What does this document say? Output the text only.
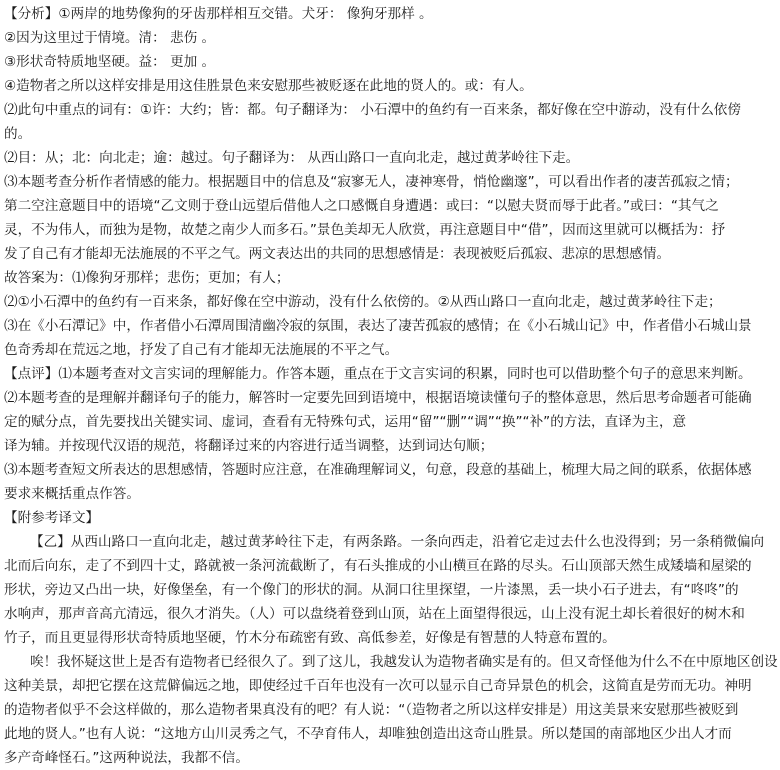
【分析】①两岸的地势像狗的牙齿那样相互交错。犬牙： 像狗牙那样 。
②因为这里过于情境。清： 悲伤 。
③形状奇特质地坚硬。益： 更加 。
④造物者之所以这样安排是用这佳胜景色来安慰那些被贬逐在此地的贤人的。或：有人。
⑵此句中重点的词有：①许：大约；皆：都。句子翻译为： 小石潭中的鱼约有一百来条，都好像在空中游动，没有什么依傍
的。
⑵目：从；北：向北走；逾：越过。句子翻译为： 从西山路口一直向北走，越过黄茅岭往下走。
⑶本题考查分析作者情感的能力。根据题目中的信息及“寂寥无人，凄神寒骨，悄怆幽邃”，可以看出作者的凄苦孤寂之情；
第二空注意题目中的语境“乙文则于登山远望后借他人之口感慨自身遭遇：或曰：“以慰夫贤而辱于此者。”或曰：“其气之
灵，不为伟人，而独为是物，故楚之南少人而多石。”景色美却无人欣赏，再注意题目中“借”，因而这里就可以概括为：抒
发了自己有才能却无法施展的不平之气。两文表达出的共同的思想感情是：表现被贬后孤寂、悲凉的思想感情。
故答案为：⑴像狗牙那样；悲伤；更加；有人；
⑵①小石潭中的鱼约有一百来条，都好像在空中游动，没有什么依傍的。②从西山路口一直向北走，越过黄茅岭往下走；
⑶在《小石潭记》中，作者借小石潭周围清幽冷寂的氛围，表达了凄苦孤寂的感情；在《小石城山记》中，作者借小石城山景
色奇秀却在荒远之地，抒发了自己有才能却无法施展的不平之气。
【点评】⑴本题考查对文言实词的理解能力。作答本题，重点在于文言实词的积累，同时也可以借助整个句子的意思来判断。
⑵本题考查的是理解并翻译句子的能力，解答时一定要先回到语境中，根据语境读懂句子的整体意思，然后思考命题者可能确
定的赋分点，首先要找出关键实词、虚词，查看有无特殊句式，运用“留”“删”“调”“换”“补”的方法，直译为主，意
译为辅。并按现代汉语的规范，将翻译过来的内容进行适当调整，达到词达句顺；
⑶本题考查短文所表达的思想感情，答题时应注意，在准确理解词义，句意，段意的基础上，梳理大局之间的联系，依据体感
要求来概括重点作答。
【附参考译文】
【乙】从西山路口一直向北走，越过黄茅岭往下走，有两条路。一条向西走，沿着它走过去什么也没得到；另一条稍微偏向
北而后向东，走了不到四十丈，路就被一条河流截断了，有石头推成的小山横亘在路的尽头。石山顶部天然生成矮墙和屋梁的
形状，旁边又凸出一块，好像堡垒，有一个像门的形状的洞。从洞口往里探望，一片漆黑，丢一块小石子进去，有“咚咚”的
水响声，那声音高亢清远，很久才消失。（人）可以盘绕着登到山顶，站在上面望得很远，山上没有泥土却长着很好的树木和
竹子，而且更显得形状奇特质地坚硬，竹木分布疏密有致、高低参差，好像是有智慧的人特意布置的。
唉！我怀疑这世上是否有造物者已经很久了。到了这儿，我越发认为造物者确实是有的。但又奇怪他为什么不在中原地区创设
这种美景，却把它摆在这荒僻偏远之地，即使经过千百年也没有一次可以显示自己奇异景色的机会，这简直是劳而无功。神明
的造物者似乎不会这样做的，那么造物者果真没有的吧？有人说：“（造物者之所以这样安排是）用这美景来安慰那些被贬到
此地的贤人。”也有人说：“这地方山川灵秀之气，不孕育伟人，却唯独创造出这奇山胜景。所以楚国的南部地区少出人才而
多产奇峰怪石。”这两种说法，我都不信。
